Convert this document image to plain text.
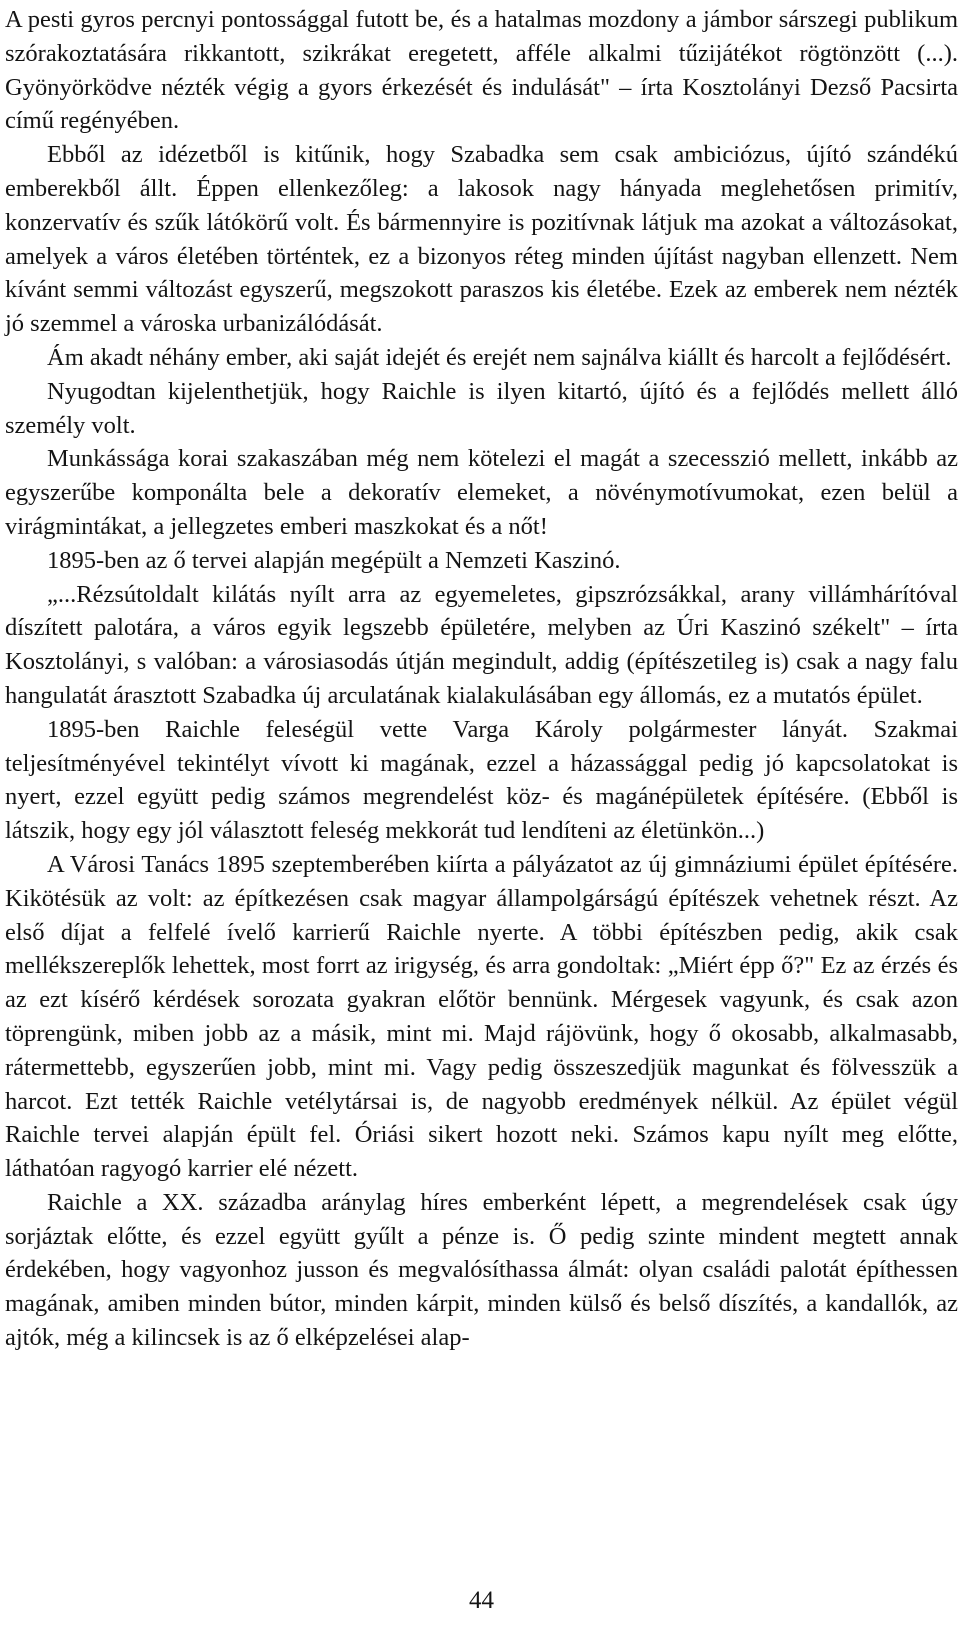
A pesti gyros percnyi pontossággal futott be, és a hatalmas mozdony a jámbor sárszegi publikum szórakoztatására rikkantott, szikrákat eregetett, afféle alkalmi tűzijátékot rögtönzött (...). Gyönyörködve nézték végig a gyors érkezését és indulását" – írta Kosztolányi Dezső Pacsirta című regényében.

Ebből az idézetből is kitűnik, hogy Szabadka sem csak ambiciózus, újító szándékú emberekből állt. Éppen ellenkezőleg: a lakosok nagy hányada meglehetősen primitív, konzervatív és szűk látókörű volt. És bármennyire is pozitívnak látjuk ma azokat a változásokat, amelyek a város életében történtek, ez a bizonyos réteg minden újítást nagyban ellenzett. Nem kívánt semmi változást egyszerű, megszokott paraszos kis életébe. Ezek az emberek nem nézték jó szemmel a városka urbanizálódását.

Ám akadt néhány ember, aki saját idejét és erejét nem sajnálva kiállt és harcolt a fejlődésért.

Nyugodtan kijelenthetjük, hogy Raichle is ilyen kitartó, újító és a fejlődés mellett álló személy volt.

Munkássága korai szakaszában még nem kötelezi el magát a szecesszió mellett, inkább az egyszerűbe komponálta bele a dekoratív elemeket, a növénymotívumokat, ezen belül a virágmintákat, a jellegzetes emberi maszkokat és a nőt!

1895-ben az ő tervei alapján megépült a Nemzeti Kaszinó.

„...Rézsútoldalt kilátás nyílt arra az egyemeletes, gipszrózsákkal, arany villámhárítóval díszített palotára, a város egyik legszebb épületére, melyben az Úri Kaszinó székelt" – írta Kosztolányi, s valóban: a városiasodás útján megindult, addig (építészetileg is) csak a nagy falu hangulatát árasztott Szabadka új arculatának kialakulásában egy állomás, ez a mutatós épület.

1895-ben Raichle feleségül vette Varga Károly polgármester lányát. Szakmai teljesítményével tekintélyt vívott ki magának, ezzel a házassággal pedig jó kapcsolatokat is nyert, ezzel együtt pedig számos megrendelést köz- és magánépületek építésére. (Ebből is látszik, hogy egy jól választott feleség mekkorát tud lendíteni az életünkön...)

A Városi Tanács 1895 szeptemberében kiírta a pályázatot az új gimnáziumi épület építésére. Kikötésük az volt: az építkezésen csak magyar állampolgárságú építészek vehetnek részt. Az első díjat a felfelé ívelő karrierű Raichle nyerte. A többi építészben pedig, akik csak mellékszereplők lehettek, most forrt az irigység, és arra gondoltak: „Miért épp ő?" Ez az érzés és az ezt kísérő kérdések sorozata gyakran előtör bennünk. Mérgesek vagyunk, és csak azon töprengünk, miben jobb az a másik, mint mi. Majd rájövünk, hogy ő okosabb, alkalmasabb, rátermettebb, egyszerűen jobb, mint mi. Vagy pedig összeszedjük magunkat és fölvesszük a harcot. Ezt tették Raichle vetélytársai is, de nagyobb eredmények nélkül. Az épület végül Raichle tervei alapján épült fel. Óriási sikert hozott neki. Számos kapu nyílt meg előtte, láthatóan ragyogó karrier elé nézett.

Raichle a XX. századba aránylag híres emberként lépett, a megrendelések csak úgy sorjáztak előtte, és ezzel együtt gyűlt a pénze is. Ő pedig szinte mindent megtett annak érdekében, hogy vagyonhoz jusson és megvalósíthassa álmát: olyan családi palotát építhessen magának, amiben minden bútor, minden kárpit, minden külső és belső díszítés, a kandallók, az ajtók, még a kilincsek is az ő elképzelései alap-

44
